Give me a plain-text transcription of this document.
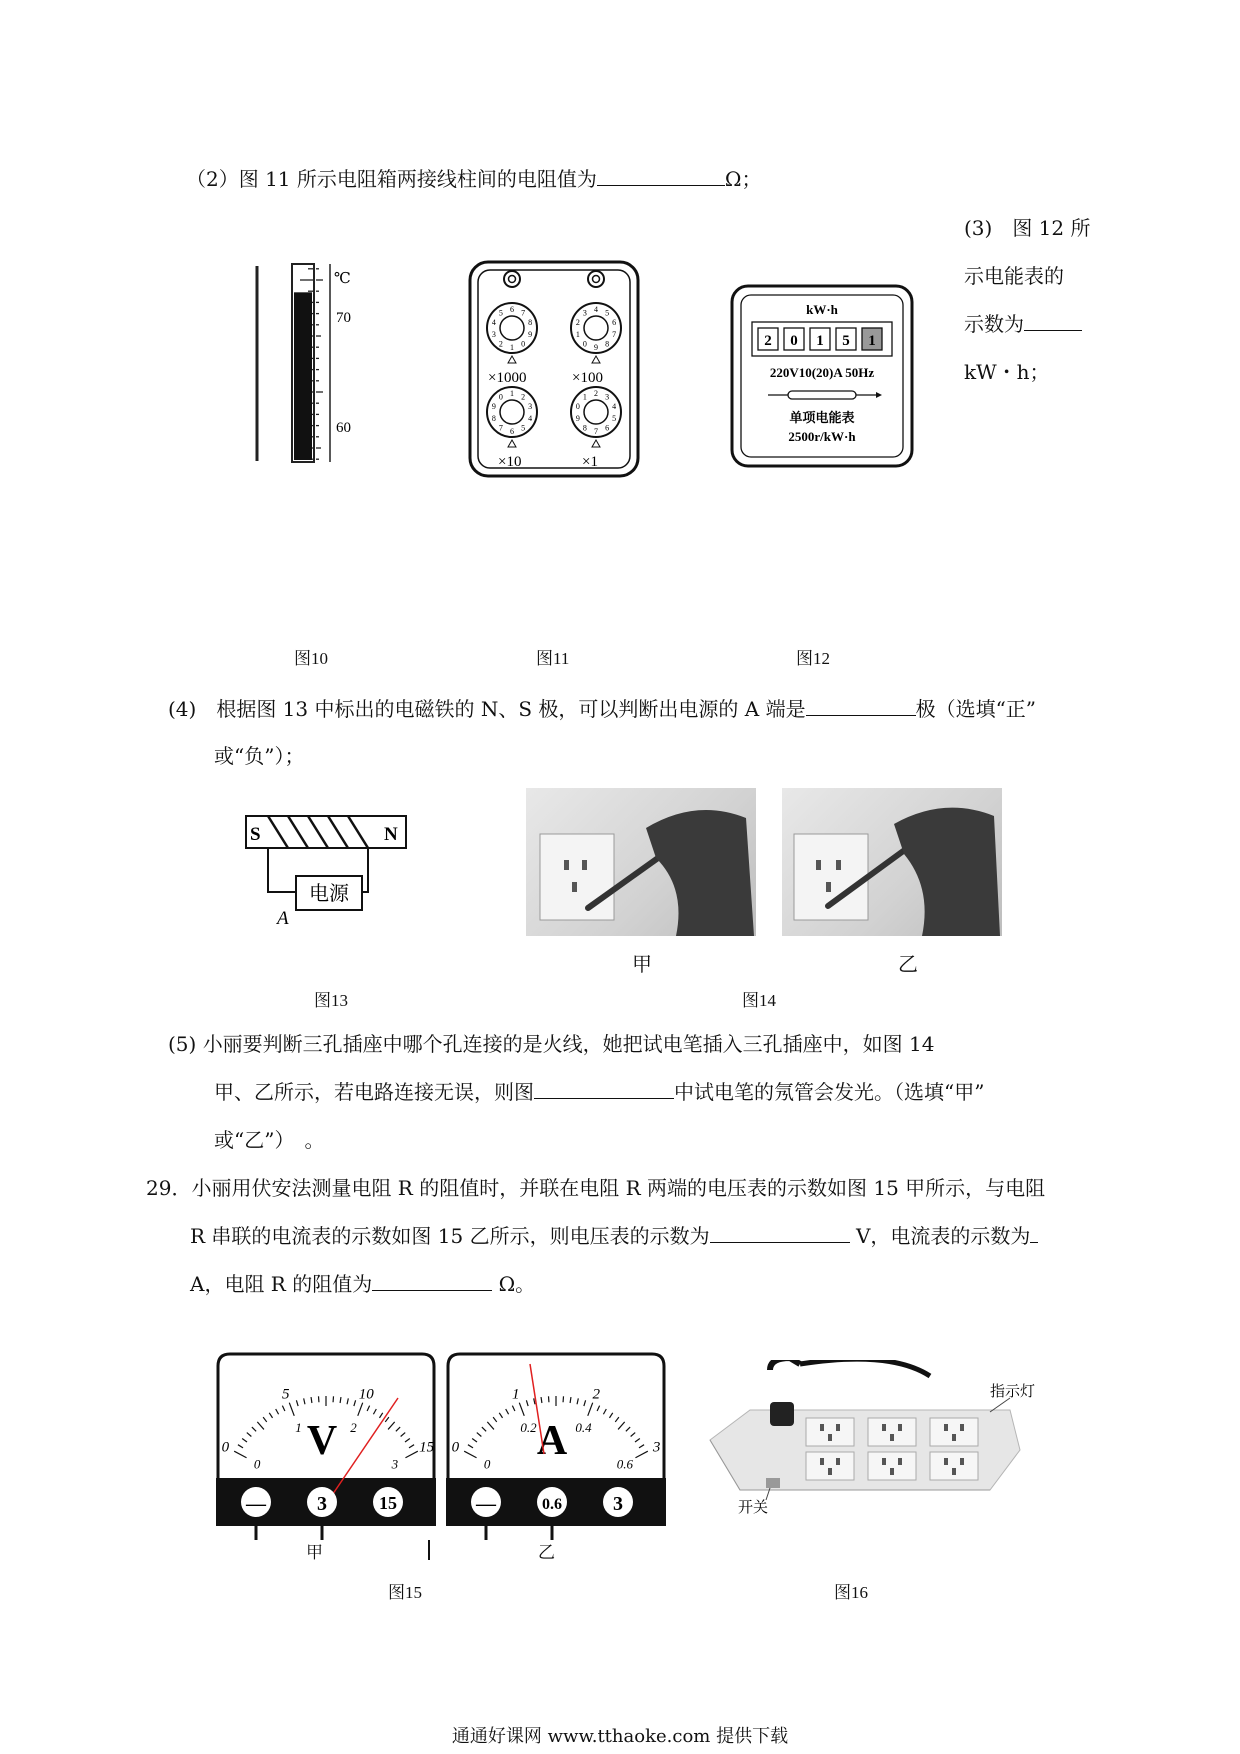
（2）图 11 所示电阻箱两接线柱间的电阻值为	Ω；
(3)　图 12 所
示电能表的
示数为
kW・h；
(4)　根据图 13 中标出的电磁铁的 N、S 极，可以判断出电源的 A 端是	极（选填“正”
或“负”）；
(5) 小丽要判断三孔插座中哪个孔连接的是火线，她把试电笔插入三孔插座中，如图 14
甲、乙所示，若电路连接无误，则图	中试电笔的氖管会发光。（选填“甲”
或“乙”）　。
29．小丽用伏安法测量电阻 R 的阻值时，并联在电阻 R 两端的电压表的示数如图 15 甲所示，与电阻
R 串联的电流表的示数如图 15 乙所示，则电压表的示数为	V，电流表的示数为
A，电阻 R 的阻值为	Ω。
℃
70
60
6 7
8
9
0
1
2
3
4
5	4 5
6
7
8
9
0
1
2
3
1 2
3
4
5
6
7
8
9
0	2 3
4
5
6
7
8
9
0
1
×1000	×100
×10	×1
kW·h
2 0 1 5 1
220V10(20)A 50Hz
单项电能表
2500r/kW·h
图10	图11	图12
S	N
电源
A
甲	乙
图13	图14
0
5	10
15
0
1	2
3
V
—	3	15
0
1	2
3
0
0.2	0.4
0.6
A
—	0.6	3
甲	乙
指示灯
开关
图15	图16
通通好课网 www.tthaoke.com 提供下载
